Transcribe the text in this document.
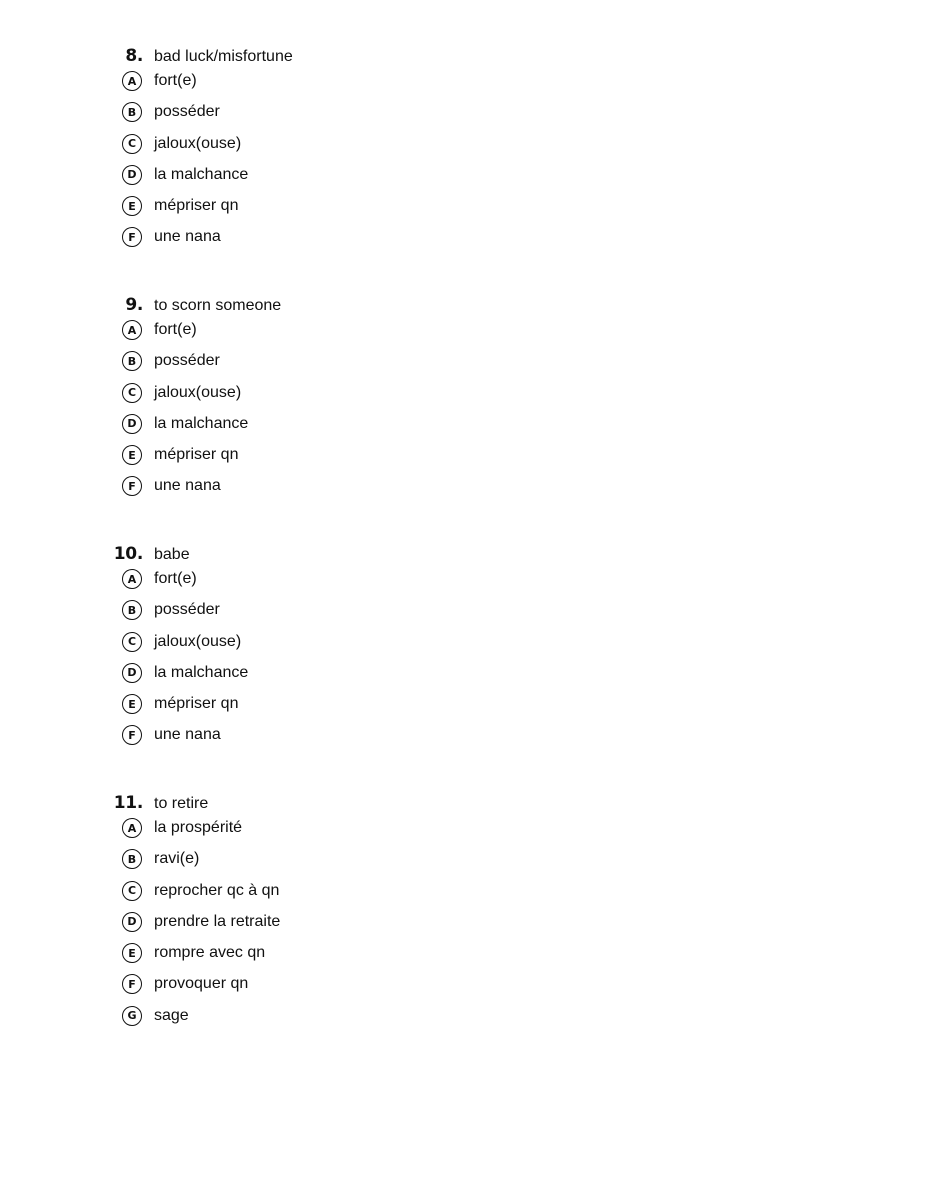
8. bad luck/misfortune
A	fort(e)
B	posséder
C	jaloux(ouse)
D	la malchance
E	mépriser qn
F	une nana
9. to scorn someone
A	fort(e)
B	posséder
C	jaloux(ouse)
D	la malchance
E	mépriser qn
F	une nana
10. babe
A	fort(e)
B	posséder
C	jaloux(ouse)
D	la malchance
E	mépriser qn
F	une nana
11. to retire
A	la prospérité
B	ravi(e)
C	reprocher qc à qn
D	prendre la retraite
E	rompre avec qn
F	provoquer qn
G	sage
